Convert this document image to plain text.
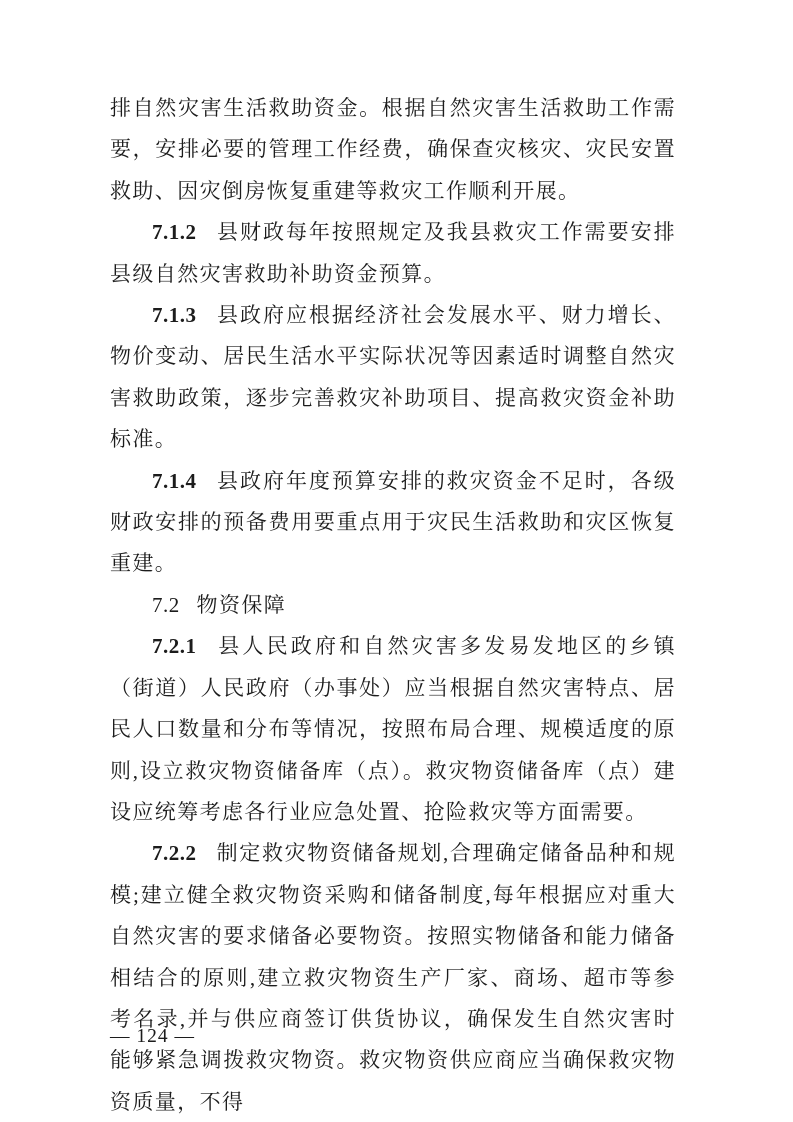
排自然灾害生活救助资金。根据自然灾害生活救助工作需要，安排必要的管理工作经费，确保查灾核灾、灾民安置救助、因灾倒房恢复重建等救灾工作顺利开展。

7.1.2 县财政每年按照规定及我县救灾工作需要安排县级自然灾害救助补助资金预算。

7.1.3 县政府应根据经济社会发展水平、财力增长、物价变动、居民生活水平实际状况等因素适时调整自然灾害救助政策，逐步完善救灾补助项目、提高救灾资金补助标准。

7.1.4 县政府年度预算安排的救灾资金不足时，各级财政安排的预备费用要重点用于灾民生活救助和灾区恢复重建。

7.2 物资保障

7.2.1 县人民政府和自然灾害多发易发地区的乡镇（街道）人民政府（办事处）应当根据自然灾害特点、居民人口数量和分布等情况，按照布局合理、规模适度的原则,设立救灾物资储备库（点）。救灾物资储备库（点）建设应统筹考虑各行业应急处置、抢险救灾等方面需要。

7.2.2 制定救灾物资储备规划,合理确定储备品种和规模;建立健全救灾物资采购和储备制度,每年根据应对重大自然灾害的要求储备必要物资。按照实物储备和能力储备相结合的原则,建立救灾物资生产厂家、商场、超市等参考名录,并与供应商签订供货协议，确保发生自然灾害时能够紧急调拨救灾物资。救灾物资供应商应当确保救灾物资质量，不得

— 124 —
